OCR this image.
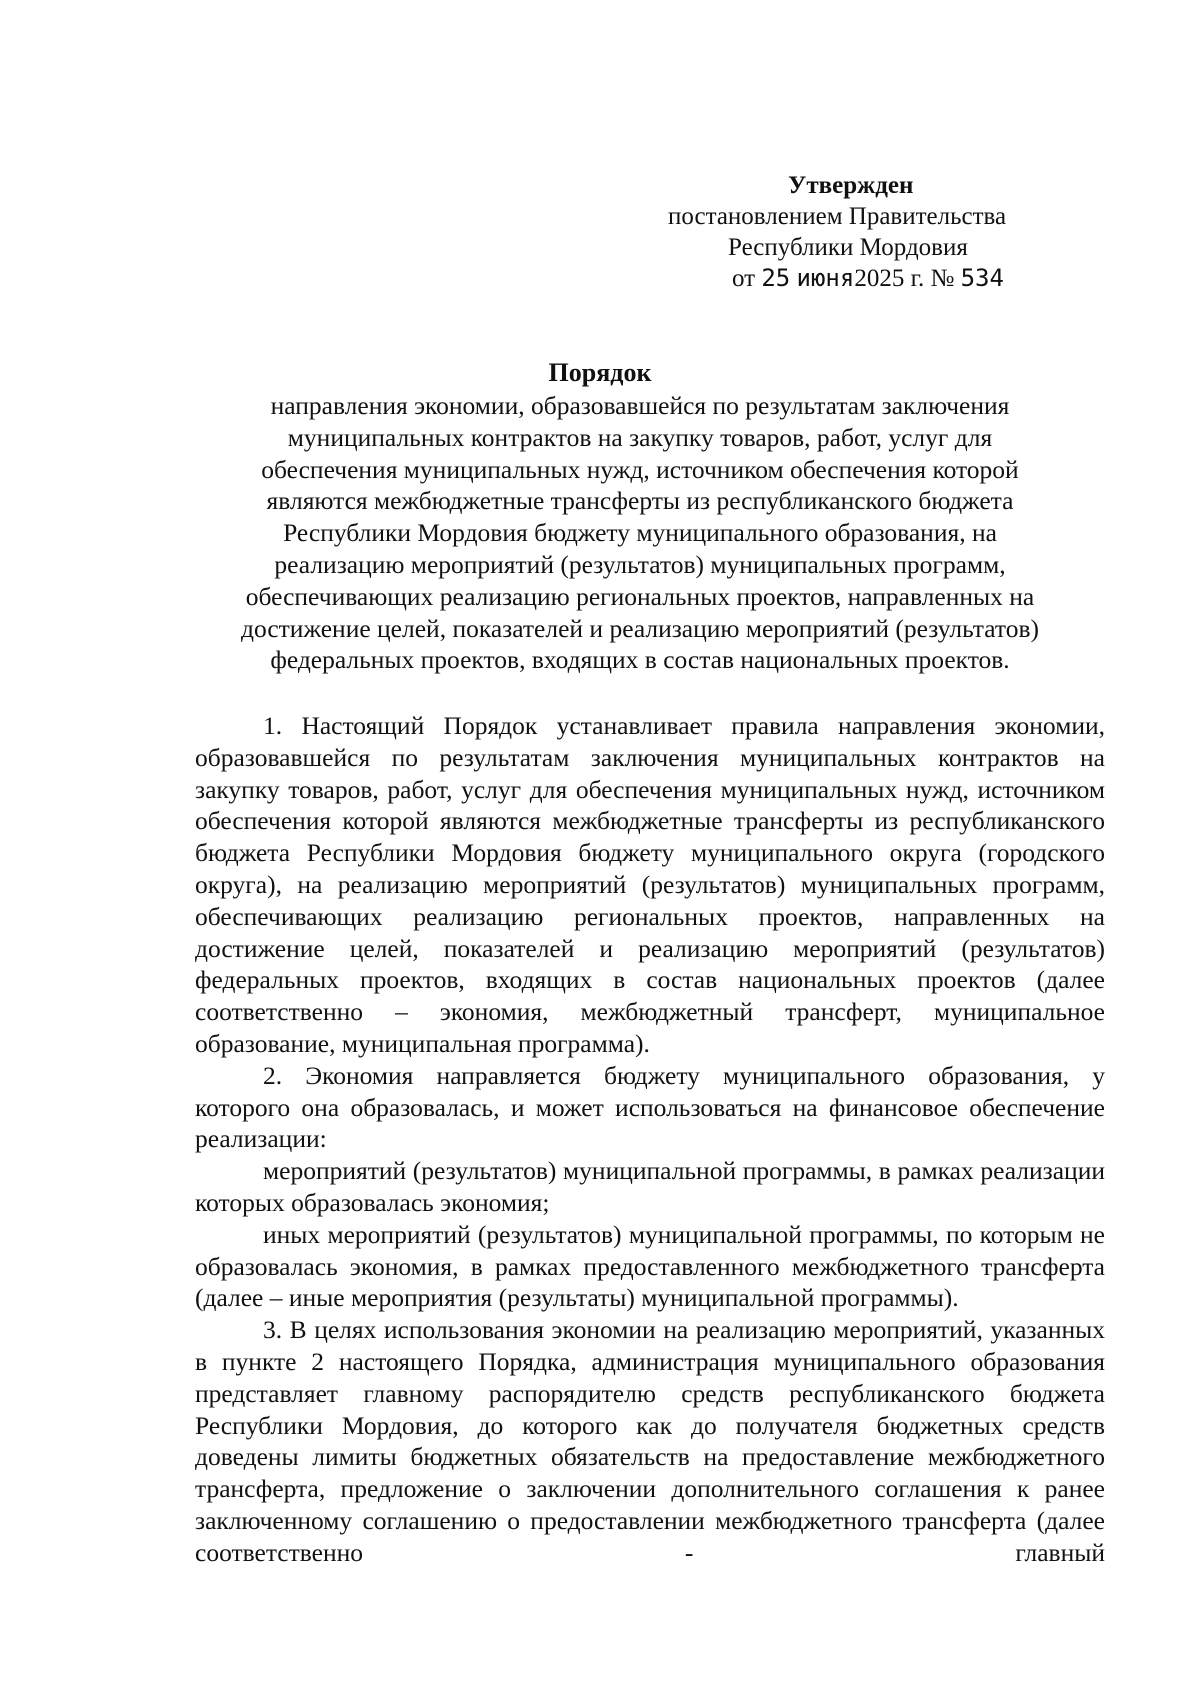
Утвержден
постановлением Правительства
Республики Мордовия
от 25 июня2025 г. № 534
Порядок
направления экономии, образовавшейся по результатам заключения
муниципальных контрактов на закупку товаров, работ, услуг для
обеспечения муниципальных нужд, источником обеспечения которой
являются межбюджетные трансферты из республиканского бюджета
Республики Мордовия бюджету муниципального образования, на
реализацию мероприятий (результатов) муниципальных программ,
обеспечивающих реализацию региональных проектов, направленных на
достижение целей, показателей и реализацию мероприятий (результатов)
федеральных проектов, входящих в состав национальных проектов.

1. Настоящий Порядок устанавливает правила направления экономии, образовавшейся по результатам заключения муниципальных контрактов на закупку товаров, работ, услуг для обеспечения муниципальных нужд, источником обеспечения которой являются межбюджетные трансферты из республиканского бюджета Республики Мордовия бюджету муниципального округа (городского округа), на реализацию мероприятий (результатов) муниципальных программ, обеспечивающих реализацию региональных проектов, направленных на достижение целей, показателей и реализацию мероприятий (результатов) федеральных проектов, входящих в состав национальных проектов (далее соответственно – экономия, межбюджетный трансферт, муниципальное образование, муниципальная программа).

2. Экономия направляется бюджету муниципального образования, у которого она образовалась, и может использоваться на финансовое обеспечение реализации:

мероприятий (результатов) муниципальной программы, в рамках реализации которых образовалась экономия;

иных мероприятий (результатов) муниципальной программы, по которым не образовалась экономия, в рамках предоставленного межбюджетного трансферта (далее – иные мероприятия (результаты) муниципальной программы).

3. В целях использования экономии на реализацию мероприятий, указанных в пункте 2 настоящего Порядка, администрация муниципального образования представляет главному распорядителю средств республиканского бюджета Республики Мордовия, до которого как до получателя бюджетных средств доведены лимиты бюджетных обязательств на предоставление межбюджетного трансферта, предложение о заключении дополнительного соглашения к ранее заключенному соглашению о предоставлении межбюджетного трансферта (далее соответственно - главный
